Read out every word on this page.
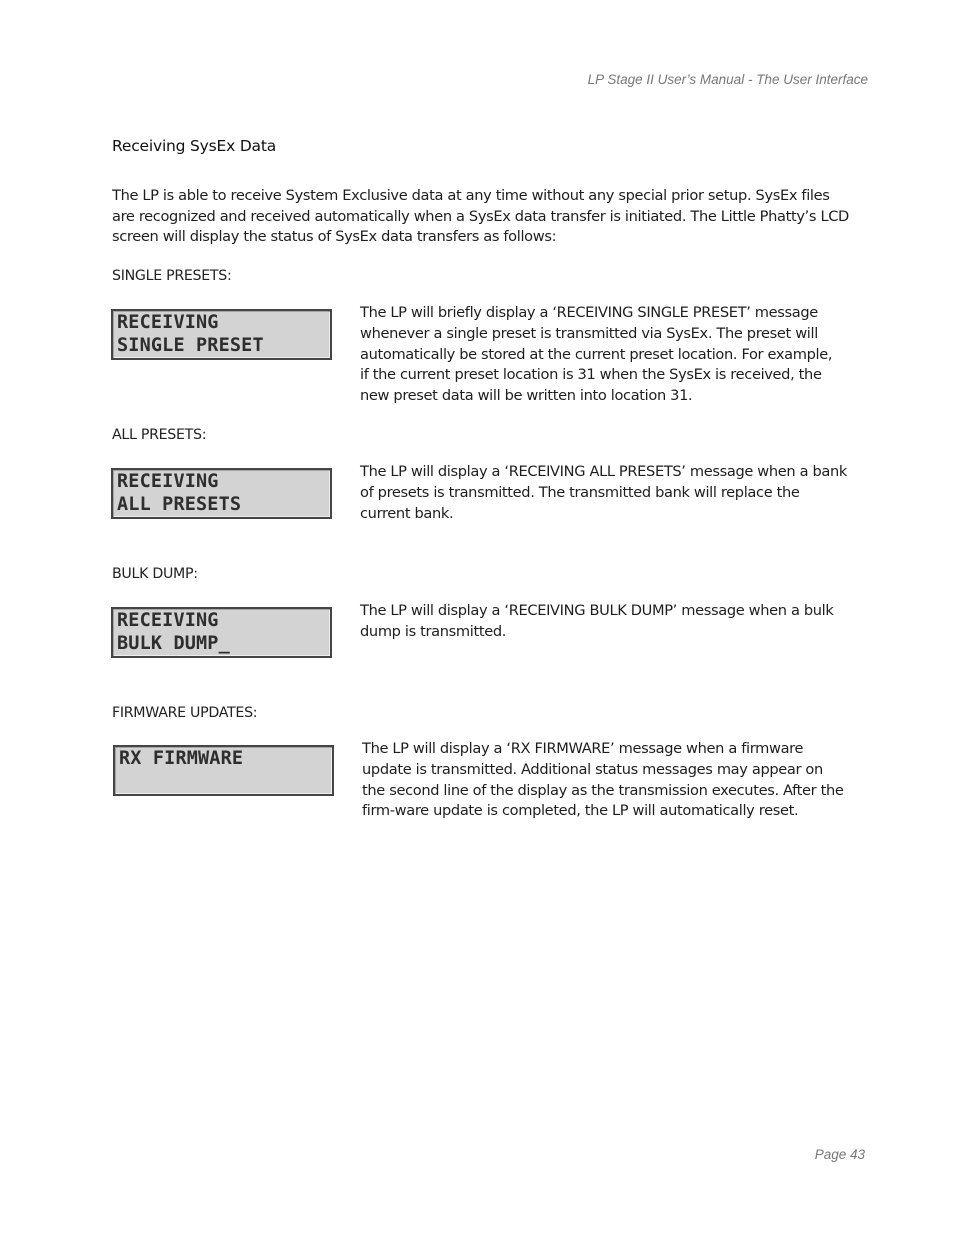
LP Stage II User’s Manual - The User Interface
Receiving SysEx Data

The LP is able to receive System Exclusive data at any time without any special prior setup. SysEx files are recognized and received automatically when a SysEx data transfer is initiated. The Little Phatty’s LCD screen will display the status of SysEx data transfers as follows:

SINGLE PRESETS:
RECEIVING
SINGLE PRESET

The LP will briefly display a ‘RECEIVING SINGLE PRESET’ message whenever a single preset is transmitted via SysEx. The preset will automatically be stored at the current preset location. For example, if the current preset location is 31 when the SysEx is received, the new preset data will be written into location 31.

ALL PRESETS:
RECEIVING
ALL PRESETS

The LP will display a ‘RECEIVING ALL PRESETS’ message when a bank of presets is transmitted. The transmitted bank will replace the current bank.

BULK DUMP:
RECEIVING
BULK DUMP_

The LP will display a ‘RECEIVING BULK DUMP’ message when a bulk dump is transmitted.

FIRMWARE UPDATES:
RX FIRMWARE	The LP will display a ‘RX FIRMWARE’ message when a firmware update is transmitted. Additional status messages may appear on the second line of the display as the transmission executes. After the firm-ware update is completed, the LP will automatically reset.

Page 43
